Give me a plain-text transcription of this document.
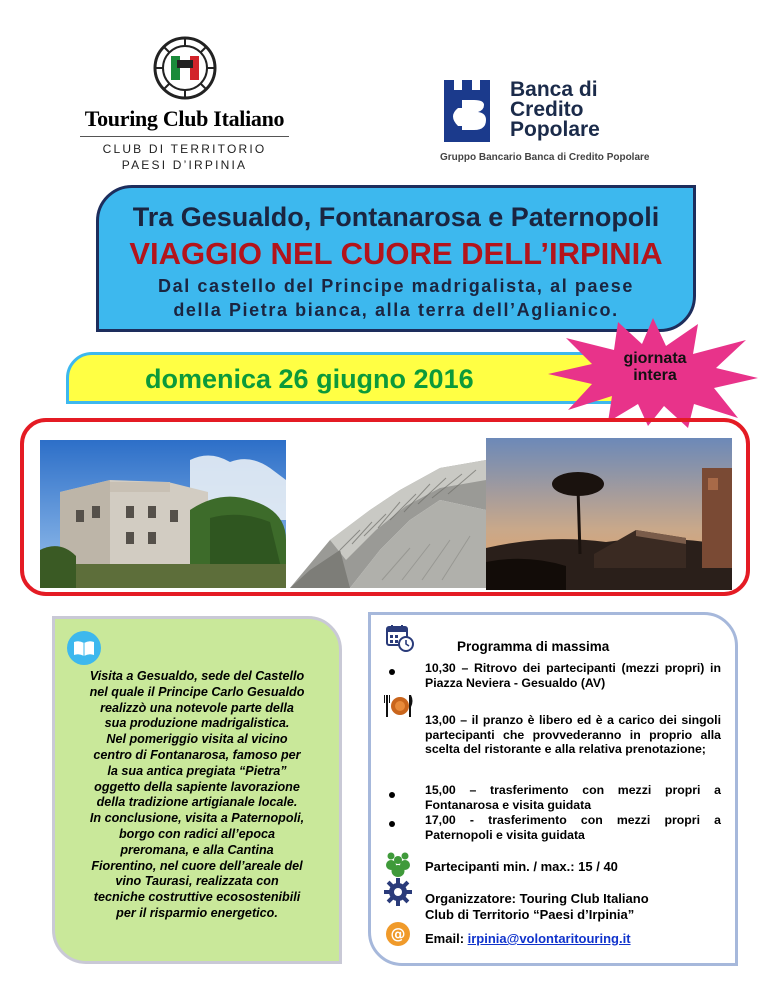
Touring Club Italiano
CLUB DI TERRITORIO
PAESI D’IRPINIA
Banca di
Credito
Popolare
Gruppo Bancario Banca di Credito Popolare
Tra Gesualdo, Fontanarosa e Paternopoli
VIAGGIO NEL CUORE DELL’IRPINIA
Dal castello del Principe madrigalista, al paese
della Pietra bianca, alla terra dell’Aglianico.
domenica 26 giugno 2016
giornata
intera
Visita a Gesualdo, sede del Castello
nel quale il Principe Carlo Gesualdo
realizzò una notevole parte della
sua produzione madrigalistica.
Nel pomeriggio visita al vicino
centro di Fontanarosa, famoso per
la sua antica pregiata “Pietra”
oggetto della sapiente lavorazione
della tradizione artigianale locale.
In conclusione, visita a Paternopoli,
borgo con radici all’epoca
preromana, e alla Cantina
Fiorentino, nel cuore dell’areale del
vino Taurasi, realizzata con
tecniche costruttive ecosostenibili
per il risparmio energetico.
Programma di massima
10,30 – Ritrovo dei partecipanti (mezzi propri) in Piazza Neviera - Gesualdo (AV)
13,00 – il pranzo è libero ed è a carico dei singoli partecipanti che provvederanno in proprio alla scelta del ristorante e alla relativa prenotazione;
15,00 – trasferimento con mezzi propri a Fontanarosa e visita guidata
17,00 - trasferimento con mezzi propri a Paternopoli e visita guidata
Partecipanti min. / max.: 15 / 40
Organizzatore: Touring Club Italiano
Club di Territorio “Paesi d’Irpinia”
@ Email: irpinia@volontaritouring.it
